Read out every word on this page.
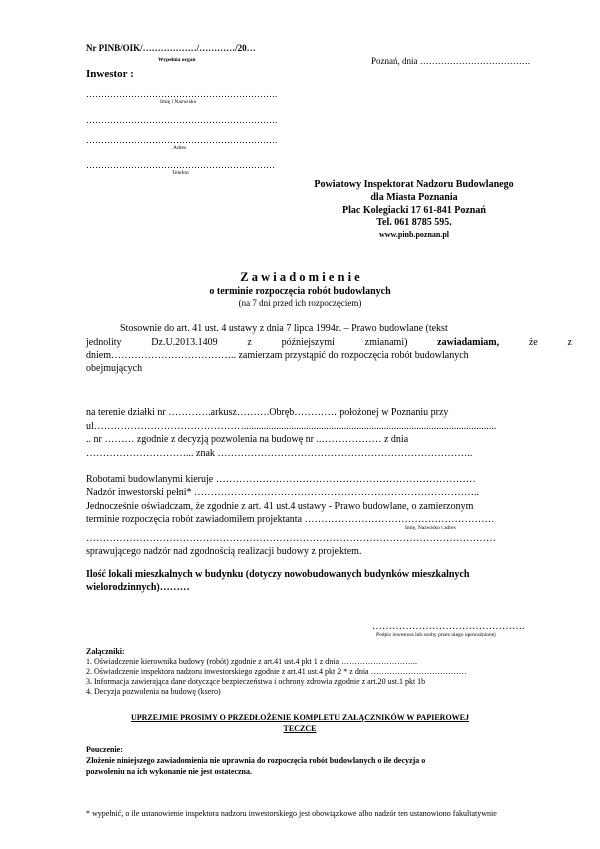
Nr PINB/OIK/………………/…………/20…
Wypełnia organ	Poznań, dnia ……………………………….
Inwestor :
……………………………………………………….
Imię i Nazwisko
……………………………………………………….
……………………………………………………….
Adres
………………………………………………………
Telefon
Powiatowy Inspektorat Nadzoru Budowlanego
dla Miasta Poznania
Plac Kolegiacki 17 61-841 Poznań
Tel. 061 8785 595.
www.pinb.poznan.pl
Z a w i a d o m i e n i e
o terminie rozpoczęcia robót budowlanych
(na 7 dni przed ich rozpoczęciem)
Stosownie do art. 41 ust. 4 ustawy z dnia 7 lipca 1994r. – Prawo budowlane (tekst
jednolity	Dz.U.2013.1409	z	późniejszymi	zmianami)	zawiadamiam,	że	z
dniem……………………………….. zamierzam przystąpić do rozpoczęcia robót budowlanych
obejmujących
na terenie działki nr ………….arkusz……….Obręb…………. położonej w Poznaniu przy
ul……………………………………….....................................................................................................
.. nr ……… zgodnie z decyzją pozwolenia na budowę nr ..……………… z dnia
…………………………... znak …………………………………………………………………..
Robotami budowlanymi kieruje ……………………………………………………………………
Nadzór inwestorski pełni* …………………………………………………………………………..
Jednocześnie oświadczam, że zgodnie z art. 41 ust.4 ustawy - Prawo budowlane, o zamierzonym
terminie rozpoczęcia robót zawiadomiłem projektanta …………………………………………………
Imię, Nazwisko i adres
……………………………………………………………………………………………………………
sprawującego nadzór nad zgodnością realizacji budowy z projektem.
Ilość lokali mieszkalnych w budynku (dotyczy nowobudowanych budynków mieszkalnych
wielorodzinnych)………
……………………………………….
Podpis inwestora lub osoby przez niego upoważnionej
Załączniki:
1. Oświadczenie kierownika budowy (robót) zgodnie z art.41 ust.4 pkt 1 z dnia ………………………..
2. Oświadczenie inspektora nadzoru inwestorskiego zgodnie z art.41 ust.4 pkt 2 * z dnia ………………………………
3. Informacja zawierająca dane dotyczące bezpieczeństwa i ochrony zdrowia zgodnie z art.20 ust.1 pkt 1b
4. Decyzja pozwolenia na budowę (ksero)
UPRZEJMIE PROSIMY O PRZEDŁOŻENIE KOMPLETU ZAŁĄCZNIKÓW W PAPIEROWEJ
TECZCE
Pouczenie:
Złożenie niniejszego zawiadomienia nie uprawnia do rozpoczęcia robót budowlanych o ile decyzja o
pozwoleniu na ich wykonanie nie jest ostateczna.
* wypełnić, o ile ustanowienie inspektora nadzoru inwestorskiego jest obowiązkowe albo nadzór ten ustanowiono fakultatywnie
